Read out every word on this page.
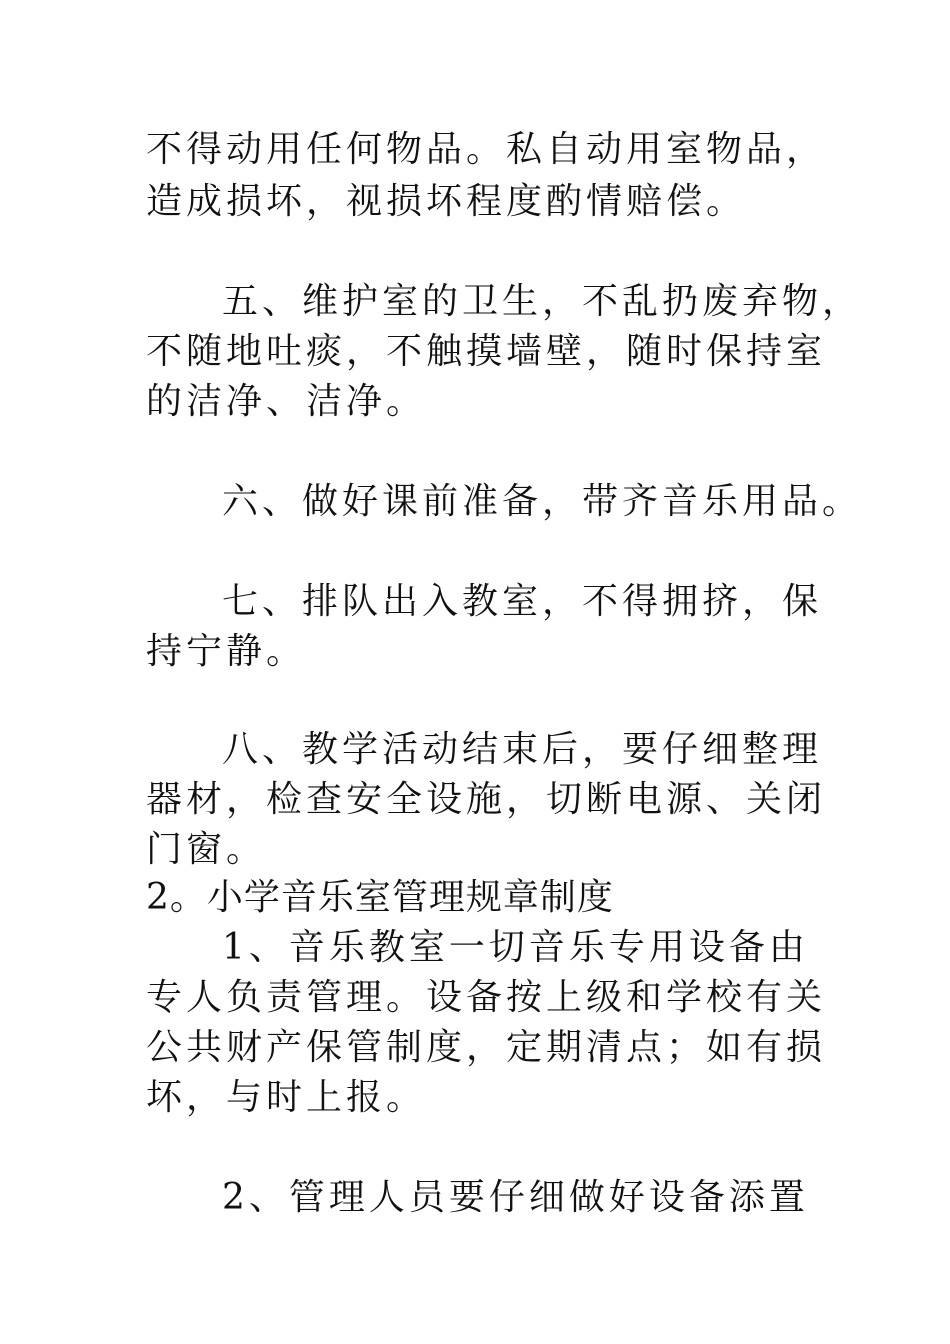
不得动用任何物品。私自动用室物品，
造成损坏，视损坏程度酌情赔偿。
五、维护室的卫生，不乱扔废弃物，
不随地吐痰，不触摸墙壁，随时保持室
的洁净、洁净。
六、做好课前准备，带齐音乐用品。
七、排队出入教室，不得拥挤，保
持宁静。
八、教学活动结束后，要仔细整理
器材，检查安全设施，切断电源、关闭
门窗。
2。小学音乐室管理规章制度
1、音乐教室一切音乐专用设备由
专人负责管理。设备按上级和学校有关
公共财产保管制度，定期清点；如有损
坏，与时上报。
2、管理人员要仔细做好设备添置
